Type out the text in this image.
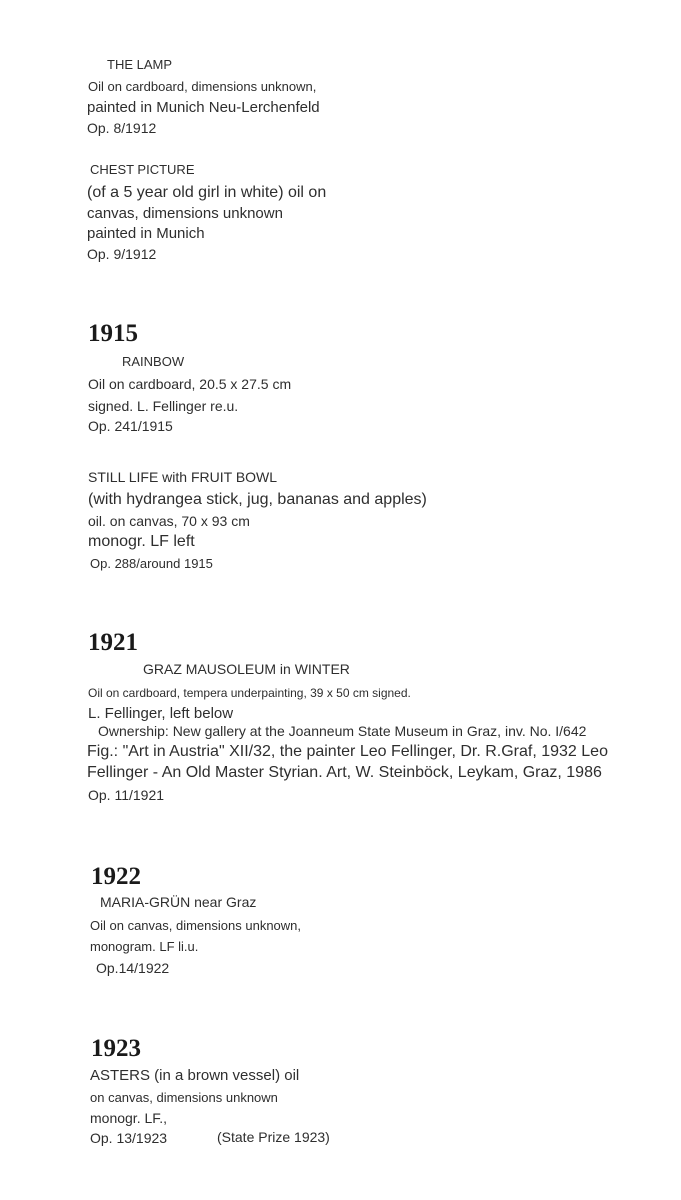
THE LAMP
Oil on cardboard, dimensions unknown,
painted in Munich Neu-Lerchenfeld
Op. 8/1912
CHEST PICTURE
(of a 5 year old girl in white) oil on
canvas, dimensions unknown
painted in Munich
Op. 9/1912
1915
RAINBOW
Oil on cardboard, 20.5 x 27.5 cm
signed. L. Fellinger re.u.
Op. 241/1915
STILL LIFE with FRUIT BOWL
(with hydrangea stick, jug, bananas and apples)
oil. on canvas, 70 x 93 cm
monogr. LF left
Op. 288/around 1915
1921
GRAZ MAUSOLEUM in WINTER
Oil on cardboard, tempera underpainting, 39 x 50 cm signed.
L. Fellinger, left below
Ownership: New gallery at the Joanneum State Museum in Graz, inv. No. I/642
Fig.: "Art in Austria" XII/32, the painter Leo Fellinger, Dr. R.Graf, 1932 Leo
Fellinger - An Old Master Styrian. Art, W. Steinböck, Leykam, Graz, 1986
Op. 11/1921
1922
MARIA-GRÜN near Graz
Oil on canvas, dimensions unknown,
monogram. LF li.u.
Op.14/1922
1923
ASTERS (in a brown vessel) oil
on canvas, dimensions unknown
monogr. LF.,
Op. 13/1923	(State Prize 1923)
